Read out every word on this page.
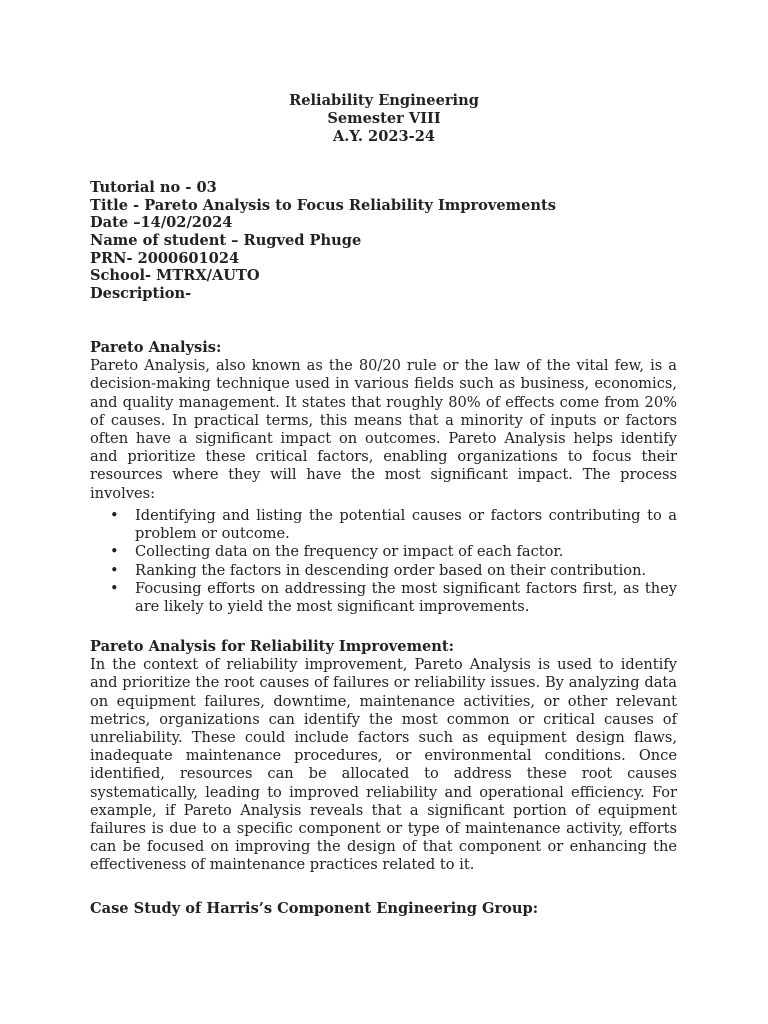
Reliability Engineering
Semester VIII
A.Y. 2023-24
Tutorial no - 03
Title - Pareto Analysis to Focus Reliability Improvements
Date –14/02/2024
Name of student – Rugved Phuge
PRN- 2000601024
School- MTRX/AUTO
Description-
Pareto Analysis:

Pareto Analysis, also known as the 80/20 rule or the law of the vital few, is a decision-making technique used in various fields such as business, economics, and quality management. It states that roughly 80% of effects come from 20% of causes. In practical terms, this means that a minority of inputs or factors often have a significant impact on outcomes. Pareto Analysis helps identify and prioritize these critical factors, enabling organizations to focus their resources where they will have the most significant impact. The process involves:

• Identifying and listing the potential causes or factors contributing to a problem or outcome.
• Collecting data on the frequency or impact of each factor.
• Ranking the factors in descending order based on their contribution.
• Focusing efforts on addressing the most significant factors first, as they are likely to yield the most significant improvements.
Pareto Analysis for Reliability Improvement:

In the context of reliability improvement, Pareto Analysis is used to identify and prioritize the root causes of failures or reliability issues. By analyzing data on equipment failures, downtime, maintenance activities, or other relevant metrics, organizations can identify the most common or critical causes of unreliability. These could include factors such as equipment design flaws, inadequate maintenance procedures, or environmental conditions. Once identified, resources can be allocated to address these root causes systematically, leading to improved reliability and operational efficiency. For example, if Pareto Analysis reveals that a significant portion of equipment failures is due to a specific component or type of maintenance activity, efforts can be focused on improving the design of that component or enhancing the effectiveness of maintenance practices related to it.

Case Study of Harris’s Component Engineering Group:
